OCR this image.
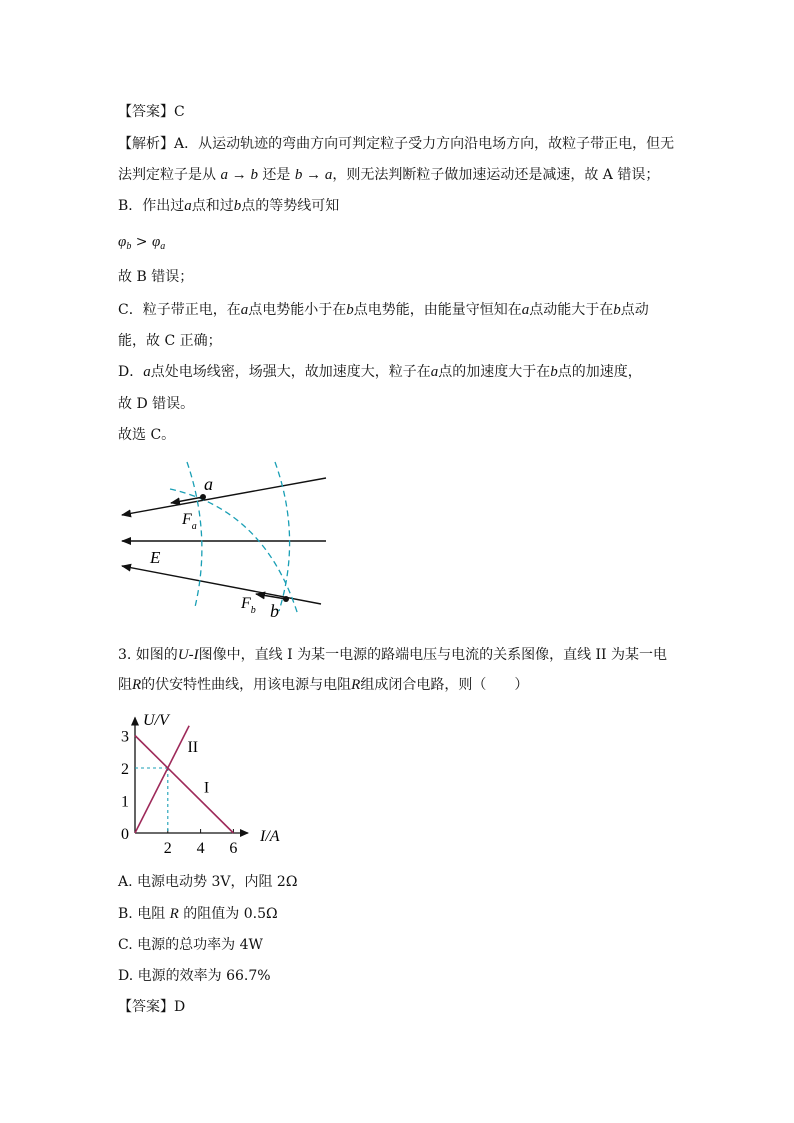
【答案】C
【解析】A．从运动轨迹的弯曲方向可判定粒子受力方向沿电场方向，故粒子带正电，但无
法判定粒子是从 a → b 还是 b → a，则无法判断粒子做加速运动还是减速，故 A 错误；
B．作出过a点和过b点的等势线可知
$\varphi_b > \varphi_a$
故 B 错误；
C．粒子带正电，在a点电势能小于在b点电势能，由能量守恒知在a点动能大于在b点动
能，故 C 正确；
D．a点处电场线密，场强大，故加速度大，粒子在a点的加速度大于在b点的加速度，
故 D 错误。
故选 C。
a
$F_a$
E
$F_b$ b
3. 如图的U-I图像中，直线 I 为某一电源的路端电压与电流的关系图像，直线 II 为某一电
阻R的伏安特性曲线，用该电源与电阻R组成闭合电路，则（　　）
0
1
2
3
2 4 6
I
II
U/V
I/A
A. 电源电动势 3V，内阻 2Ω
B. 电阻 R 的阻值为 0.5Ω
C. 电源的总功率为 4W
D. 电源的效率为 66.7%
【答案】D
